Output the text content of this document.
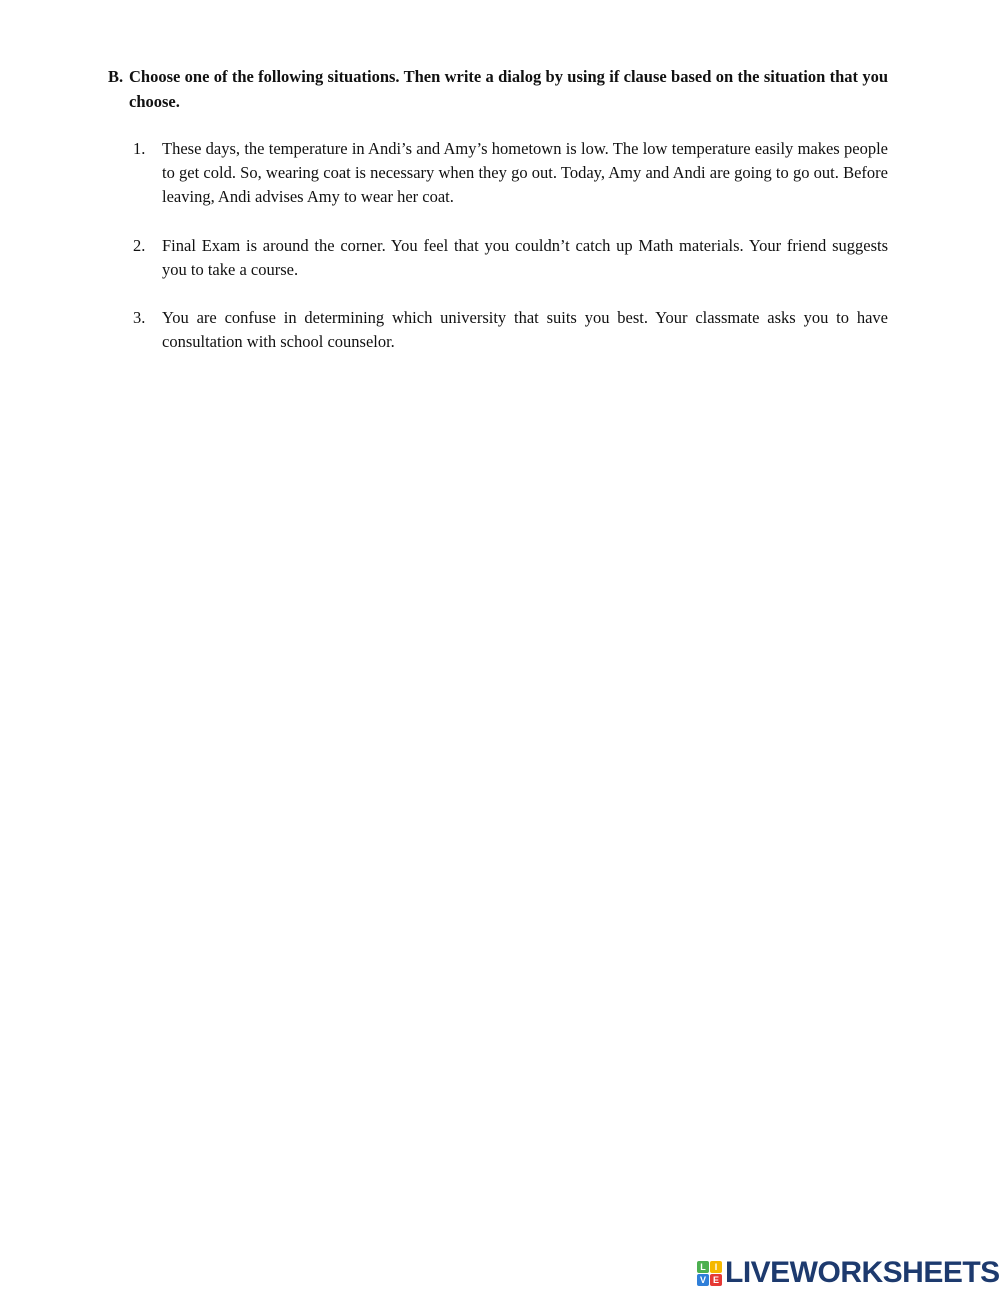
B. Choose one of the following situations. Then write a dialog by using if clause based on the situation that you choose.
1.	These days, the temperature in Andi’s and Amy’s hometown is low. The low temperature easily makes people to get cold. So, wearing coat is necessary when they go out. Today, Amy and Andi are going to go out. Before leaving, Andi advises Amy to wear her coat.
2.	Final Exam is around the corner. You feel that you couldn’t catch up Math materials. Your friend suggests you to take a course.
3.	You are confuse in determining which university that suits you best. Your classmate asks you to have consultation with school counselor.
L I
V E LIVEWORKSHEETS
